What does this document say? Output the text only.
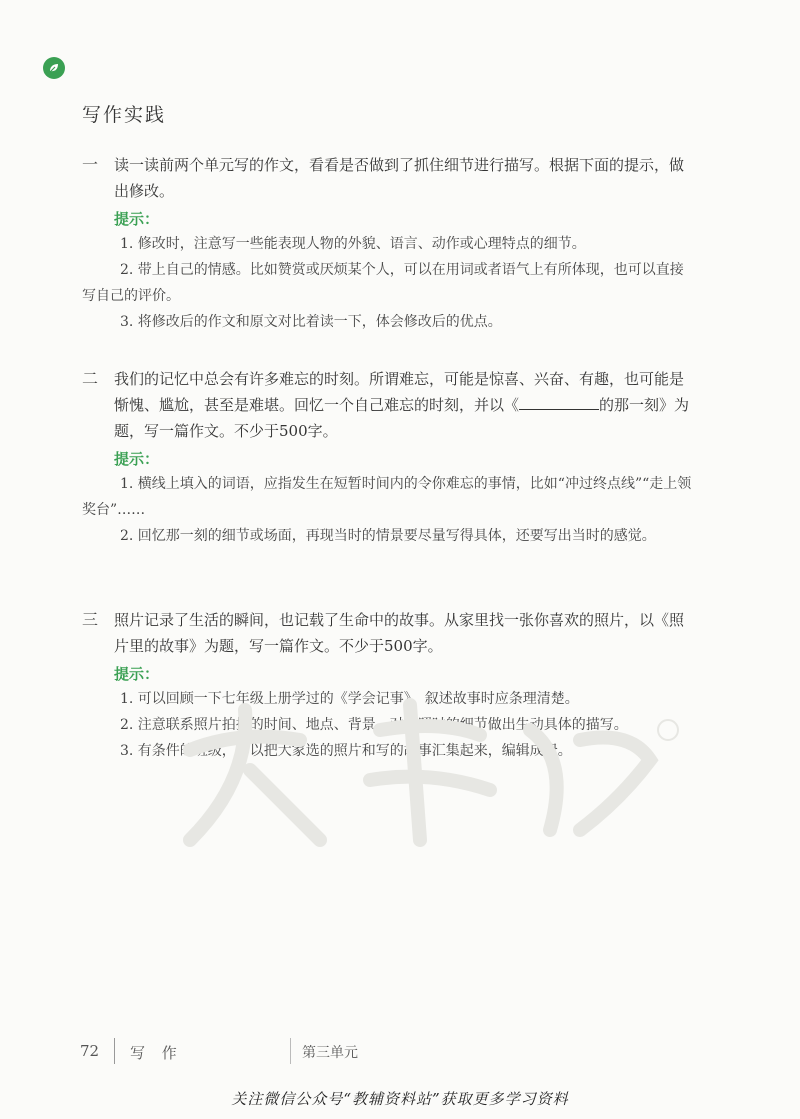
写作实践
一 读一读前两个单元写的作文，看看是否做到了抓住细节进行描写。根据下面的提示，做出修改。
提示：
1. 修改时，注意写一些能表现人物的外貌、语言、动作或心理特点的细节。
2. 带上自己的情感。比如赞赏或厌烦某个人，可以在用词或者语气上有所体现，也可以直接写自己的评价。
3. 将修改后的作文和原文对比着读一下，体会修改后的优点。
二 我们的记忆中总会有许多难忘的时刻。所谓难忘，可能是惊喜、兴奋、有趣，也可能是惭愧、尴尬，甚至是难堪。回忆一个自己难忘的时刻，并以《	的那一刻》为题，写一篇作文。不少于500字。
提示：
1. 横线上填入的词语，应指发生在短暂时间内的令你难忘的事情，比如“冲过终点线”“走上领奖台”……
2. 回忆那一刻的细节或场面，再现当时的情景要尽量写得具体，还要写出当时的感觉。
三 照片记录了生活的瞬间，也记载了生命中的故事。从家里找一张你喜欢的照片，以《照片里的故事》为题，写一篇作文。不少于500字。
提示：
1. 可以回顾一下七年级上册学过的《学会记事》，叙述故事时应条理清楚。
2. 注意联系照片拍摄的时间、地点、背景，对拍照时的细节做出生动具体的描写。
3. 有条件的班级，可以把大家选的照片和写的故事汇集起来，编辑成册。
72 写 作	第三单元
关注微信公众号“教辅资料站”获取更多学习资料
